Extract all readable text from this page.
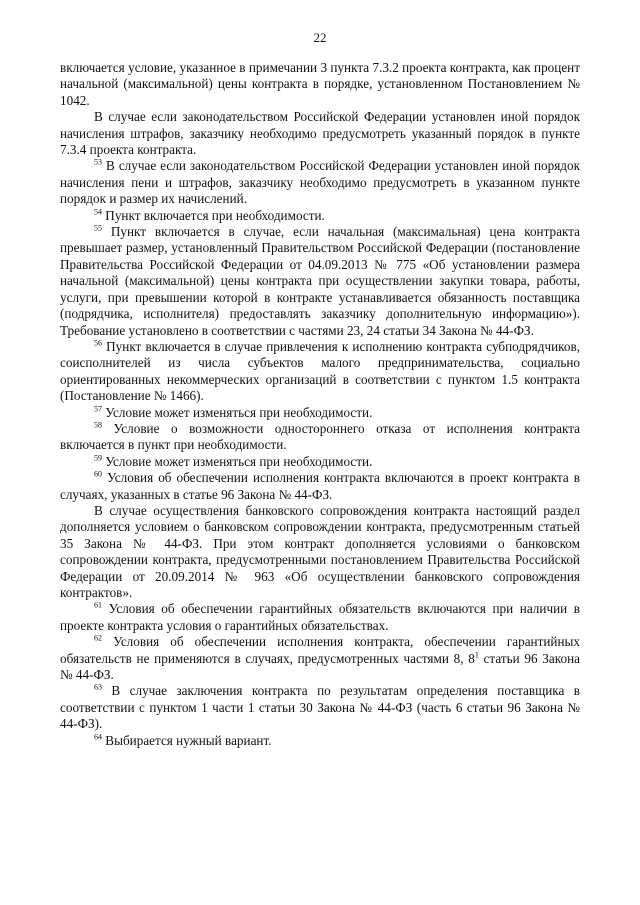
22

включается условие, указанное в примечании 3 пункта 7.3.2 проекта контракта, как процент начальной (максимальной) цены контракта в порядке, установленном Постановлением № 1042.

В случае если законодательством Российской Федерации установлен иной порядок начисления штрафов, заказчику необходимо предусмотреть указанный порядок в пункте 7.3.4 проекта контракта.

$^{53}$ В случае если законодательством Российской Федерации установлен иной порядок начисления пени и штрафов, заказчику необходимо предусмотреть в указанном пункте порядок и размер их начислений.

$^{54}$ Пункт включается при необходимости.

$^{55}$ Пункт включается в случае, если начальная (максимальная) цена контракта превышает размер, установленный Правительством Российской Федерации (постановление Правительства Российской Федерации от 04.09.2013 № 775 «Об установлении размера начальной (максимальной) цены контракта при осуществлении закупки товара, работы, услуги, при превышении которой в контракте устанавливается обязанность поставщика (подрядчика, исполнителя) предоставлять заказчику дополнительную информацию»). Требование установлено в соответствии с частями 23, 24 статьи 34 Закона № 44-ФЗ.

$^{56}$ Пункт включается в случае привлечения к исполнению контракта субподрядчиков, соисполнителей из числа субъектов малого предпринимательства, социально ориентированных некоммерческих организаций в соответствии с пунктом 1.5 контракта (Постановление № 1466).

$^{57}$ Условие может изменяться при необходимости.

$^{58}$ Условие о возможности одностороннего отказа от исполнения контракта включается в пункт при необходимости.

$^{59}$ Условие может изменяться при необходимости.

$^{60}$ Условия об обеспечении исполнения контракта включаются в проект контракта в случаях, указанных в статье 96 Закона № 44-ФЗ.

В случае осуществления банковского сопровождения контракта настоящий раздел дополняется условием о банковском сопровождении контракта, предусмотренным статьей 35 Закона № 44-ФЗ. При этом контракт дополняется условиями о банковском сопровождении контракта, предусмотренными постановлением Правительства Российской Федерации от 20.09.2014 № 963 «Об осуществлении банковского сопровождения контрактов».

$^{61}$ Условия об обеспечении гарантийных обязательств включаются при наличии в проекте контракта условия о гарантийных обязательствах.

$^{62}$ Условия об обеспечении исполнения контракта, обеспечении гарантийных обязательств не применяются в случаях, предусмотренных частями 8, $8^1$ статьи 96 Закона № 44-ФЗ.

$^{63}$ В случае заключения контракта по результатам определения поставщика в соответствии с пунктом 1 части 1 статьи 30 Закона № 44-ФЗ (часть 6 статьи 96 Закона № 44-ФЗ).

$^{64}$ Выбирается нужный вариант.
